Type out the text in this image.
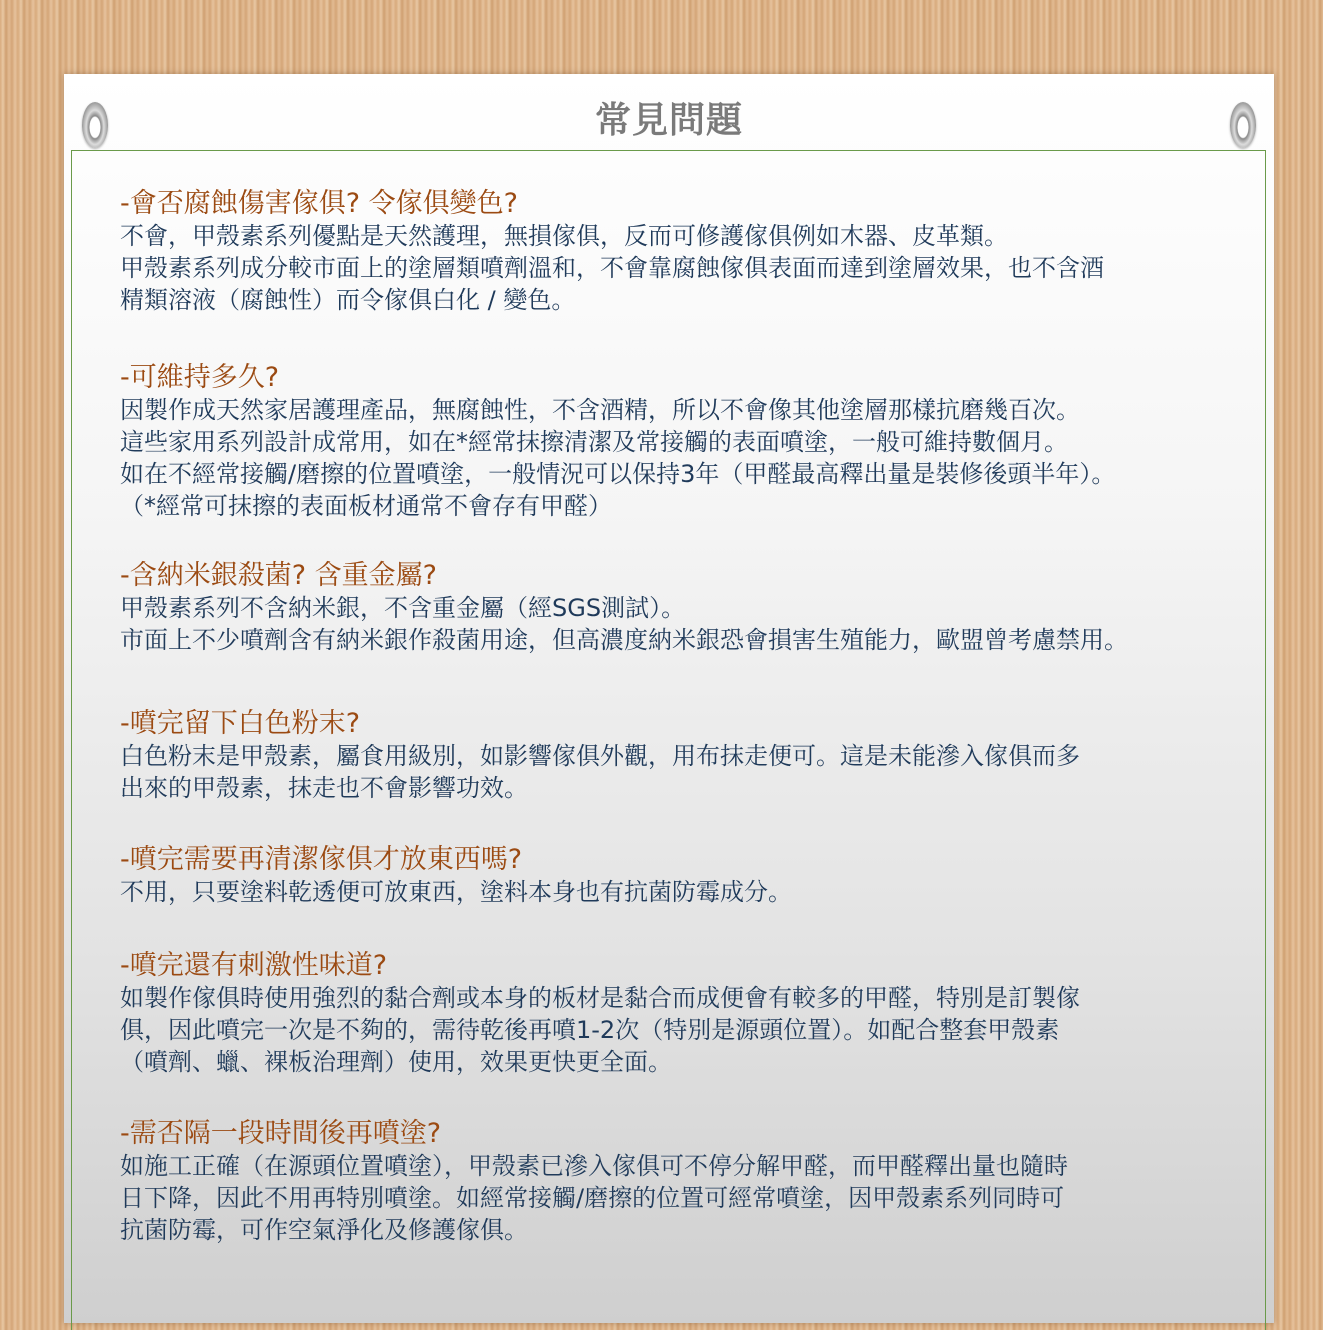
常見問題
-會否腐蝕傷害傢俱? 令傢俱變色?
不會，甲殼素系列優點是天然護理，無損傢俱，反而可修護傢俱例如木器、皮革類。
甲殼素系列成分較市面上的塗層類噴劑溫和，不會靠腐蝕傢俱表面而達到塗層效果，也不含酒
精類溶液（腐蝕性）而令傢俱白化 / 變色。
-可維持多久?
因製作成天然家居護理產品，無腐蝕性，不含酒精，所以不會像其他塗層那樣抗磨幾百次。
這些家用系列設計成常用，如在*經常抹擦清潔及常接觸的表面噴塗，一般可維持數個月。
如在不經常接觸/磨擦的位置噴塗，一般情況可以保持3年（甲醛最高釋出量是裝修後頭半年）。
（*經常可抹擦的表面板材通常不會存有甲醛）
-含納米銀殺菌? 含重金屬?
甲殼素系列不含納米銀，不含重金屬（經SGS測試）。
市面上不少噴劑含有納米銀作殺菌用途，但高濃度納米銀恐會損害生殖能力，歐盟曾考慮禁用。
-噴完留下白色粉末?
白色粉末是甲殼素，屬食用級別，如影響傢俱外觀，用布抹走便可。這是未能滲入傢俱而多
出來的甲殼素，抹走也不會影響功效。
-噴完需要再清潔傢俱才放東西嗎?
不用，只要塗料乾透便可放東西，塗料本身也有抗菌防霉成分。
-噴完還有刺激性味道?
如製作傢俱時使用強烈的黏合劑或本身的板材是黏合而成便會有較多的甲醛，特別是訂製傢
俱，因此噴完一次是不夠的，需待乾後再噴1-2次（特別是源頭位置）。如配合整套甲殼素
（噴劑、蠟、裸板治理劑）使用，效果更快更全面。
-需否隔一段時間後再噴塗?
如施工正確（在源頭位置噴塗），甲殼素已滲入傢俱可不停分解甲醛，而甲醛釋出量也隨時
日下降，因此不用再特別噴塗。如經常接觸/磨擦的位置可經常噴塗，因甲殼素系列同時可
抗菌防霉，可作空氣淨化及修護傢俱。
